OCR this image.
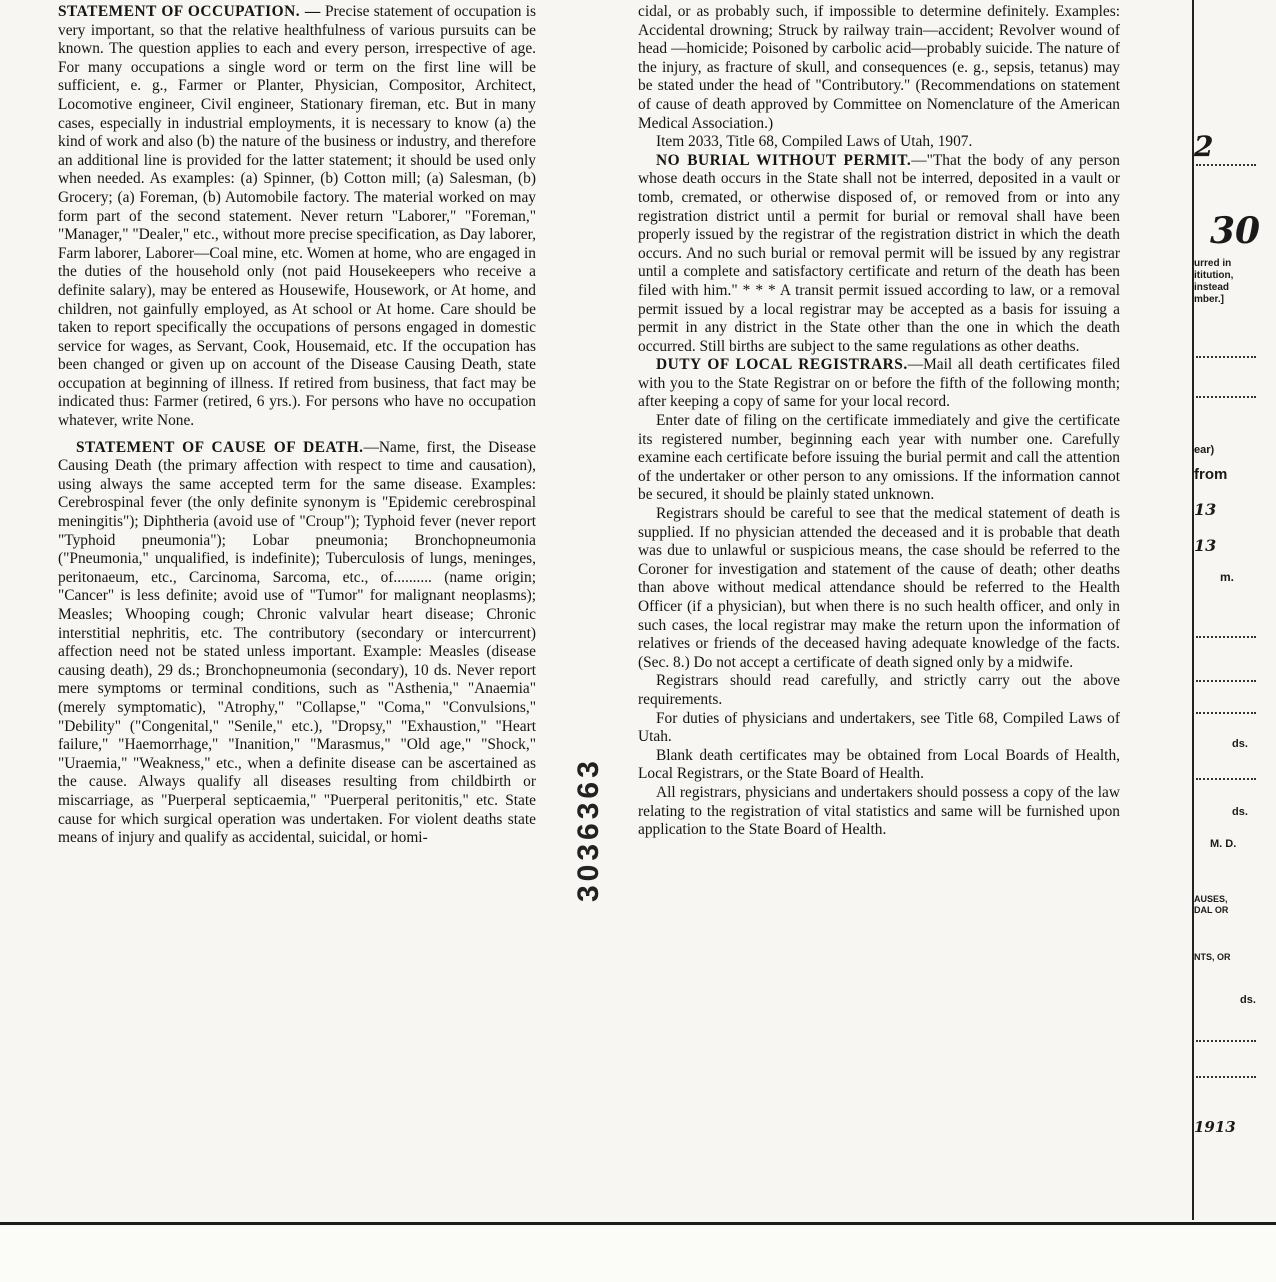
STATEMENT OF OCCUPATION. — Precise statement of occupation is very important, so that the relative healthfulness of various pursuits can be known. The question applies to each and every person, irrespective of age. For many occupations a single word or term on the first line will be sufficient, e. g., Farmer or Planter, Physician, Compositor, Architect, Locomotive engineer, Civil engineer, Stationary fireman, etc. But in many cases, especially in industrial employments, it is necessary to know (a) the kind of work and also (b) the nature of the business or industry, and therefore an additional line is provided for the latter statement; it should be used only when needed. As examples: (a) Spinner, (b) Cotton mill; (a) Salesman, (b) Grocery; (a) Foreman, (b) Automobile factory. The material worked on may form part of the second statement. Never return "Laborer," "Foreman," "Manager," "Dealer," etc., without more precise specification, as Day laborer, Farm laborer, Laborer—Coal mine, etc. Women at home, who are engaged in the duties of the household only (not paid Housekeepers who receive a definite salary), may be entered as Housewife, Housework, or At home, and children, not gainfully employed, as At school or At home. Care should be taken to report specifically the occupations of persons engaged in domestic service for wages, as Servant, Cook, Housemaid, etc. If the occupation has been changed or given up on account of the Disease Causing Death, state occupation at beginning of illness. If retired from business, that fact may be indicated thus: Farmer (retired, 6 yrs.). For persons who have no occupation whatever, write None.

STATEMENT OF CAUSE OF DEATH.—Name, first, the Disease Causing Death (the primary affection with respect to time and causation), using always the same accepted term for the same disease. Examples: Cerebrospinal fever (the only definite synonym is "Epidemic cerebrospinal meningitis"); Diphtheria (avoid use of "Croup"); Typhoid fever (never report "Typhoid pneumonia"); Lobar pneumonia; Bronchopneumonia ("Pneumonia," unqualified, is indefinite); Tuberculosis of lungs, meninges, peritonaeum, etc., Carcinoma, Sarcoma, etc., of.......... (name origin; "Cancer" is less definite; avoid use of "Tumor" for malignant neoplasms); Measles; Whooping cough; Chronic valvular heart disease; Chronic interstitial nephritis, etc. The contributory (secondary or intercurrent) affection need not be stated unless important. Example: Measles (disease causing death), 29 ds.; Bronchopneumonia (secondary), 10 ds. Never report mere symptoms or terminal conditions, such as "Asthenia," "Anaemia" (merely symptomatic), "Atrophy," "Collapse," "Coma," "Convulsions," "Debility" ("Congenital," "Senile," etc.), "Dropsy," "Exhaustion," "Heart failure," "Haemorrhage," "Inanition," "Marasmus," "Old age," "Shock," "Uraemia," "Weakness," etc., when a definite disease can be ascertained as the cause. Always qualify all diseases resulting from childbirth or miscarriage, as "Puerperal septicaemia," "Puerperal peritonitis," etc. State cause for which surgical operation was undertaken. For violent deaths state means of injury and qualify as accidental, suicidal, or homi-	3036363

cidal, or as probably such, if impossible to determine definitely. Examples: Accidental drowning; Struck by railway train—accident; Revolver wound of head —homicide; Poisoned by carbolic acid—probably suicide. The nature of the injury, as fracture of skull, and consequences (e. g., sepsis, tetanus) may be stated under the head of "Contributory." (Recommendations on statement of cause of death approved by Committee on Nomenclature of the American Medical Association.)

Item 2033, Title 68, Compiled Laws of Utah, 1907.

NO BURIAL WITHOUT PERMIT.—"That the body of any person whose death occurs in the State shall not be interred, deposited in a vault or tomb, cremated, or otherwise disposed of, or removed from or into any registration district until a permit for burial or removal shall have been properly issued by the registrar of the registration district in which the death occurs. And no such burial or removal permit will be issued by any registrar until a complete and satisfactory certificate and return of the death has been filed with him." * * * A transit permit issued according to law, or a removal permit issued by a local registrar may be accepted as a basis for issuing a permit in any district in the State other than the one in which the death occurred. Still births are subject to the same regulations as other deaths.

DUTY OF LOCAL REGISTRARS.—Mail all death certificates filed with you to the State Registrar on or before the fifth of the following month; after keeping a copy of same for your local record.

Enter date of filing on the certificate immediately and give the certificate its registered number, beginning each year with number one. Carefully examine each certificate before issuing the burial permit and call the attention of the undertaker or other person to any omissions. If the information cannot be secured, it should be plainly stated unknown.

Registrars should be careful to see that the medical statement of death is supplied. If no physician attended the deceased and it is probable that death was due to unlawful or suspicious means, the case should be referred to the Coroner for investigation and statement of the cause of death; other deaths than above without medical attendance should be referred to the Health Officer (if a physician), but when there is no such health officer, and only in such cases, the local registrar may make the return upon the information of relatives or friends of the deceased having adequate knowledge of the facts. (Sec. 8.) Do not accept a certificate of death signed only by a midwife.

Registrars should read carefully, and strictly carry out the above requirements.

For duties of physicians and undertakers, see Title 68, Compiled Laws of Utah.

Blank death certificates may be obtained from Local Boards of Health, Local Registrars, or the State Board of Health.

All registrars, physicians and undertakers should possess a copy of the law relating to the registration of vital statistics and same will be furnished upon application to the State Board of Health.

2
30
urred in
ititution,
instead
mber.]
ear)
from
13
13
m.
ds.
ds.
M. D.
AUSES,
DAL OR
NTS, OR
ds.
1913
